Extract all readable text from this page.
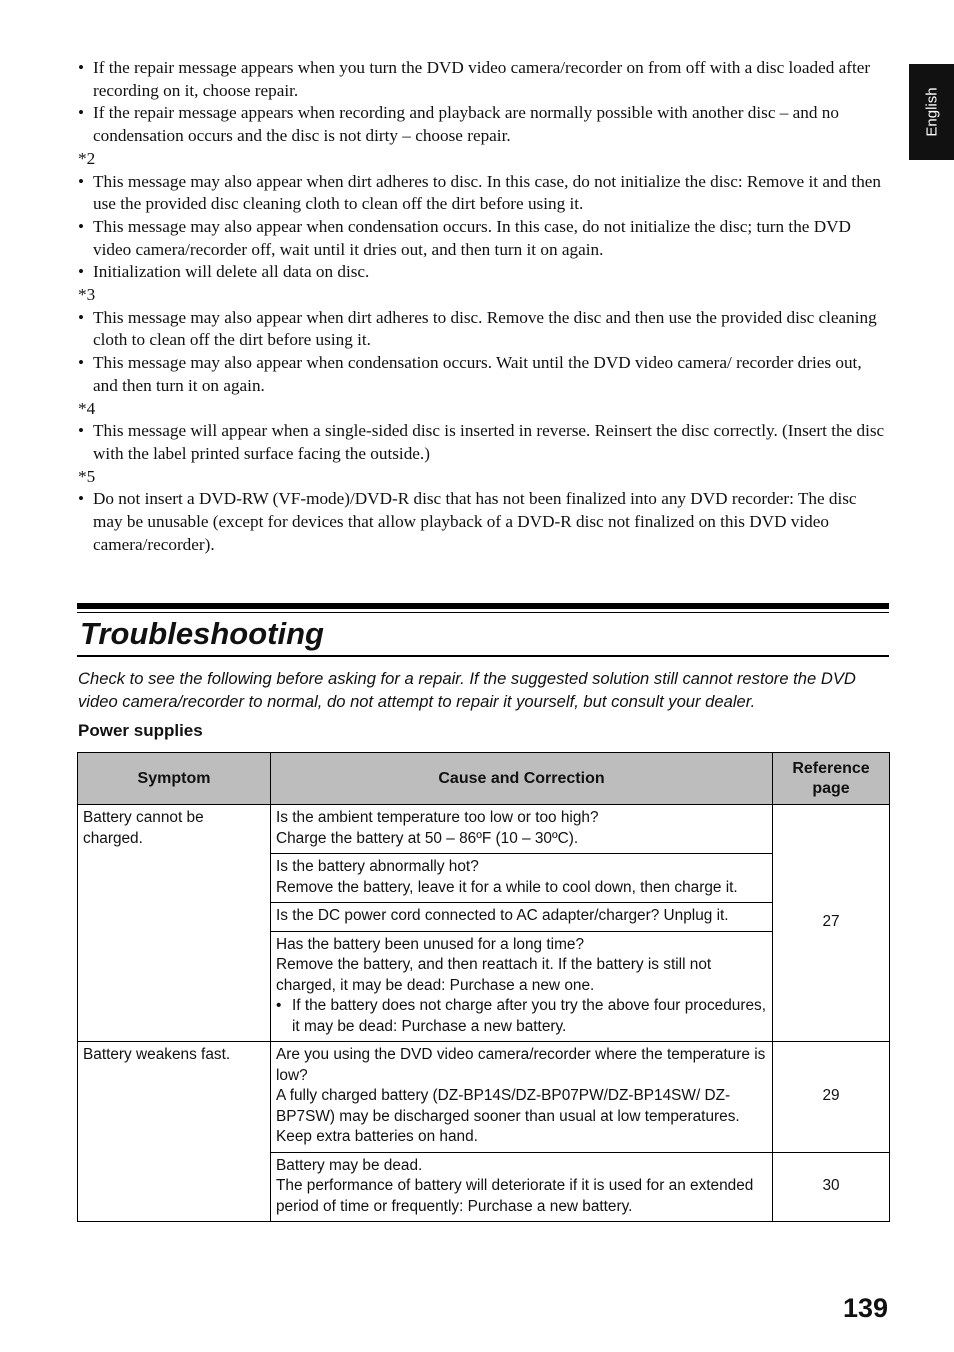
English

• If the repair message appears when you turn the DVD video camera/recorder on from off with a disc loaded after recording on it, choose repair.

• If the repair message appears when recording and playback are normally possible with another disc – and no condensation occurs and the disc is not dirty – choose repair.

*2

• This message may also appear when dirt adheres to disc. In this case, do not initialize the disc: Remove it and then use the provided disc cleaning cloth to clean off the dirt before using it.

• This message may also appear when condensation occurs. In this case, do not initialize the disc; turn the DVD video camera/recorder off, wait until it dries out, and then turn it on again.

• Initialization will delete all data on disc.

*3

• This message may also appear when dirt adheres to disc. Remove the disc and then use the provided disc cleaning cloth to clean off the dirt before using it.

• This message may also appear when condensation occurs. Wait until the DVD video camera/ recorder dries out, and then turn it on again.

*4

• This message will appear when a single-sided disc is inserted in reverse. Reinsert the disc correctly. (Insert the disc with the label printed surface facing the outside.)

*5

• Do not insert a DVD-RW (VF-mode)/DVD-R disc that has not been finalized into any DVD recorder: The disc may be unusable (except for devices that allow playback of a DVD-R disc not finalized on this DVD video camera/recorder).

Troubleshooting

Check to see the following before asking for a repair. If the suggested solution still cannot restore the DVD video camera/recorder to normal, do not attempt to repair it yourself, but consult your dealer.

Power supplies
Symptom	Cause and Correction	Reference page
Battery cannot be charged.	Is the ambient temperature too low or too high?
Charge the battery at 50 – 86ºF (10 – 30ºC).	27

	Is the battery abnormally hot?
Remove the battery, leave it for a while to cool down, then charge it.	

	Is the DC power cord connected to AC adapter/charger? Unplug it.	

	Has the battery been unused for a long time?
Remove the battery, and then reattach it. If the battery is still not charged, it may be dead: Purchase a new one.
• If the battery does not charge after you try the above four procedures, it may be dead: Purchase a new battery.

Battery weakens fast.	Are you using the DVD video camera/recorder where the temperature is low?
A fully charged battery (DZ-BP14S/DZ-BP07PW/DZ-BP14SW/ DZ-BP7SW) may be discharged sooner than usual at low temperatures. Keep extra batteries on hand.	29

	Battery may be dead.
The performance of battery will deteriorate if it is used for an extended period of time or frequently: Purchase a new battery.	30

139
